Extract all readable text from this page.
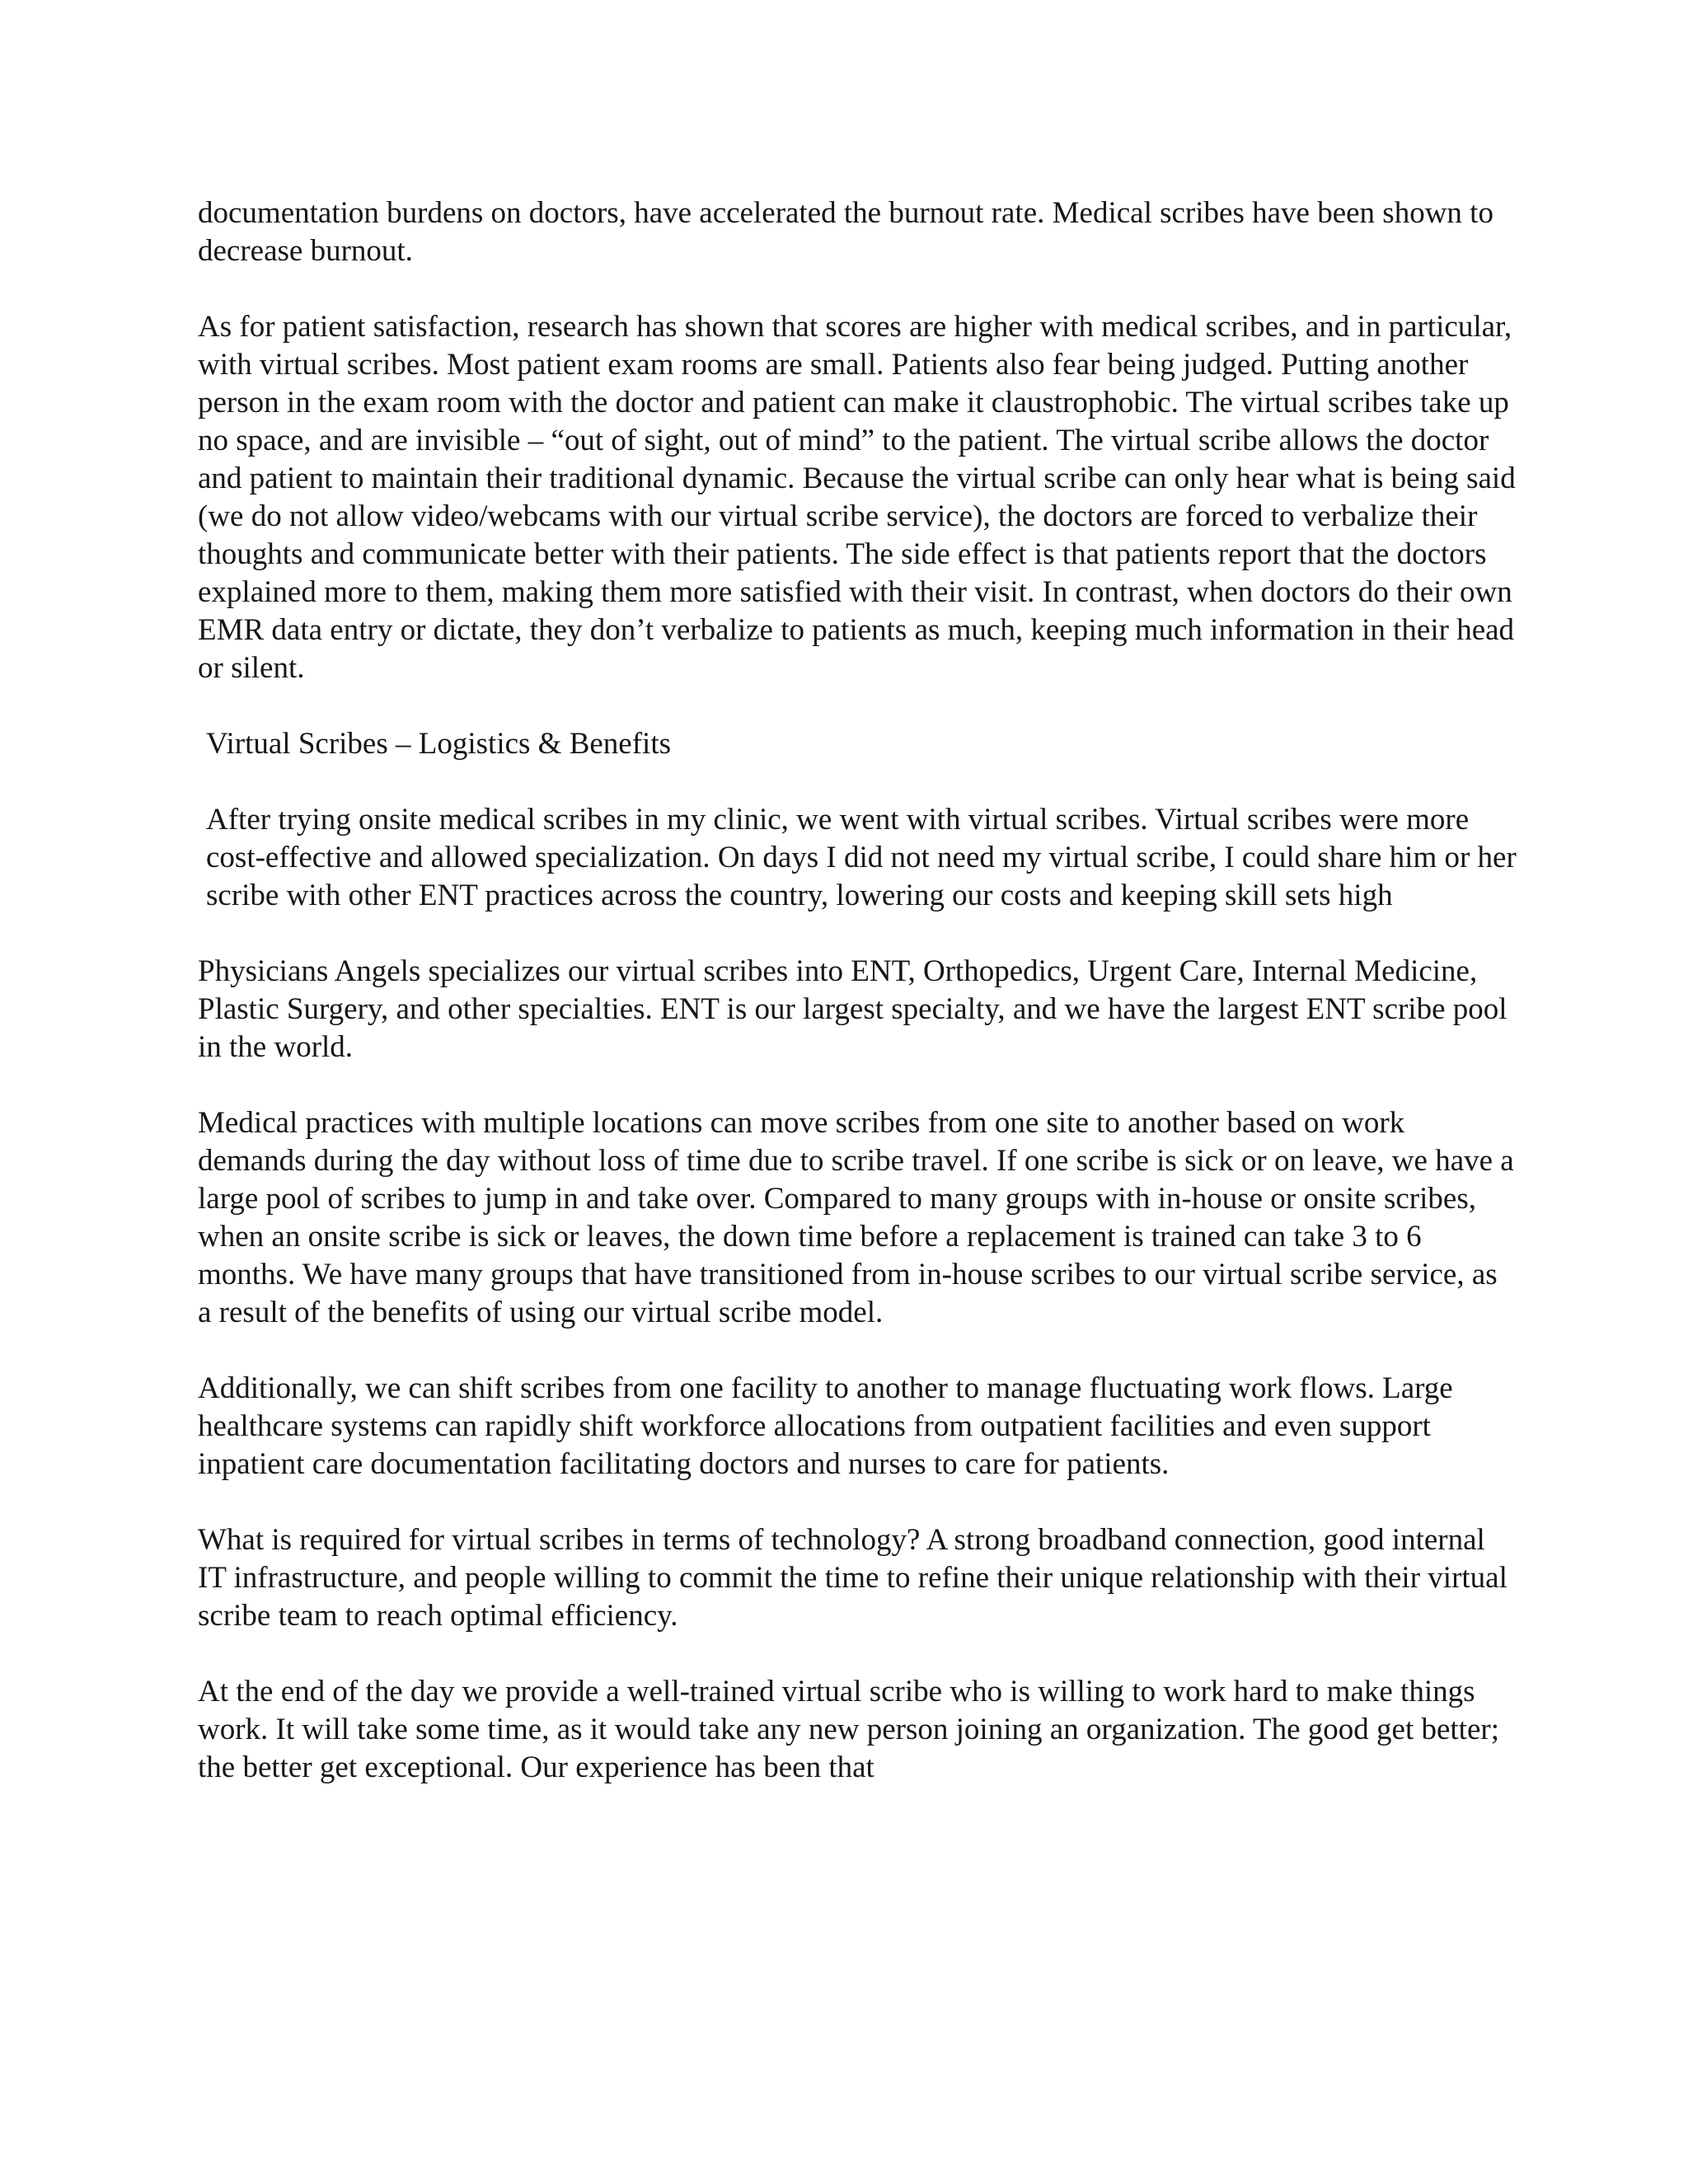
documentation burdens on doctors, have accelerated the burnout rate. Medical scribes have been shown to decrease burnout.

As for patient satisfaction, research has shown that scores are higher with medical scribes, and in particular, with virtual scribes. Most patient exam rooms are small. Patients also fear being judged. Putting another person in the exam room with the doctor and patient can make it claustrophobic. The virtual scribes take up no space, and are invisible – “out of sight, out of mind” to the patient. The virtual scribe allows the doctor and patient to maintain their traditional dynamic. Because the virtual scribe can only hear what is being said (we do not allow video/webcams with our virtual scribe service), the doctors are forced to verbalize their thoughts and communicate better with their patients. The side effect is that patients report that the doctors explained more to them, making them more satisfied with their visit. In contrast, when doctors do their own EMR data entry or dictate, they don’t verbalize to patients as much, keeping much information in their head or silent.

Virtual Scribes – Logistics & Benefits

After trying onsite medical scribes in my clinic, we went with virtual scribes. Virtual scribes were more cost-effective and allowed specialization. On days I did not need my virtual scribe, I could share him or her scribe with other ENT practices across the country, lowering our costs and keeping skill sets high

Physicians Angels specializes our virtual scribes into ENT, Orthopedics, Urgent Care, Internal Medicine, Plastic Surgery, and other specialties. ENT is our largest specialty, and we have the largest ENT scribe pool in the world.

Medical practices with multiple locations can move scribes from one site to another based on work demands during the day without loss of time due to scribe travel. If one scribe is sick or on leave, we have a large pool of scribes to jump in and take over. Compared to many groups with in-house or onsite scribes, when an onsite scribe is sick or leaves, the down time before a replacement is trained can take 3 to 6 months. We have many groups that have transitioned from in-house scribes to our virtual scribe service, as a result of the benefits of using our virtual scribe model.

Additionally, we can shift scribes from one facility to another to manage fluctuating work flows. Large healthcare systems can rapidly shift workforce allocations from outpatient facilities and even support inpatient care documentation facilitating doctors and nurses to care for patients.

What is required for virtual scribes in terms of technology? A strong broadband connection, good internal IT infrastructure, and people willing to commit the time to refine their unique relationship with their virtual scribe team to reach optimal efficiency.

At the end of the day we provide a well-trained virtual scribe who is willing to work hard to make things work. It will take some time, as it would take any new person joining an organization. The good get better; the better get exceptional. Our experience has been that
